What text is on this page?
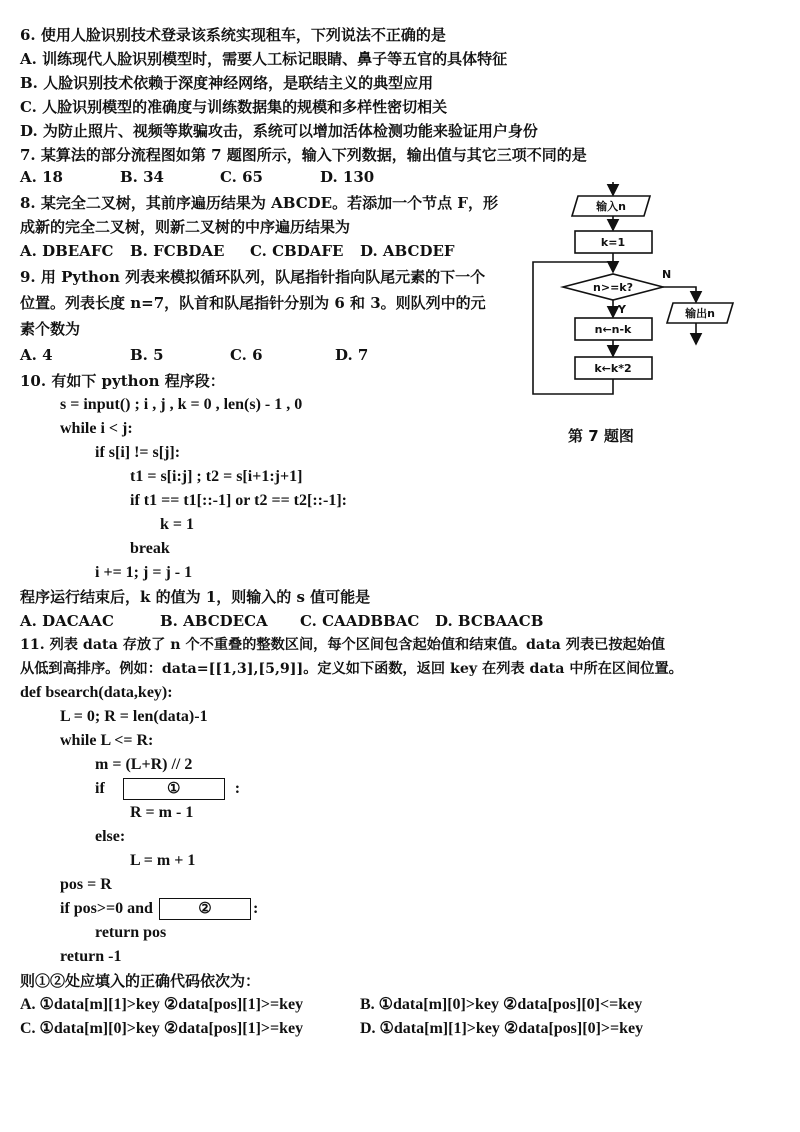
6. 使用人脸识别技术登录该系统实现租车，下列说法不正确的是
A. 训练现代人脸识别模型时，需要人工标记眼睛、鼻子等五官的具体特征
B. 人脸识别技术依赖于深度神经网络，是联结主义的典型应用
C. 人脸识别模型的准确度与训练数据集的规模和多样性密切相关
D. 为防止照片、视频等欺骗攻击，系统可以增加活体检测功能来验证用户身份
7. 某算法的部分流程图如第 7 题图所示，输入下列数据，输出值与其它三项不同的是
A. 18	B. 34	C. 65	D. 130
8. 某完全二叉树，其前序遍历结果为 ABCDE。若添加一个节点 F，形
成新的完全二叉树，则新二叉树的中序遍历结果为
A. DBEAFC B. FCBDAE C. CBDAFE D. ABCDEF
9. 用 Python 列表来模拟循环队列，队尾指针指向队尾元素的下一个
位置。列表长度 n=7，队首和队尾指针分别为 6 和 3。则队列中的元
素个数为
A. 4	B. 5	C. 6	D. 7
10. 有如下 python 程序段：
s = input() ; i , j , k = 0 , len(s) - 1 , 0
while i < j:
if s[i] != s[j]:
t1 = s[i:j] ; t2 = s[i+1:j+1]
if t1 == t1[::-1] or t2 == t2[::-1]:
k = 1
break
i += 1; j = j - 1
程序运行结束后，k 的值为 1，则输入的 s 值可能是
A. DACAAC	B. ABCDECA C. CAADBBAC D. BCBAACB
11. 列表 data 存放了 n 个不重叠的整数区间，每个区间包含起始值和结束值。data 列表已按起始值
从低到高排序。例如：data=[[1,3],[5,9]]。定义如下函数，返回 key 在列表 data 中所在区间位置。
def bsearch(data,key):
L = 0; R = len(data)-1
while L <= R:
m = (L+R) // 2
if	①	:
R = m - 1
else:
L = m + 1
pos = R
if pos>=0 and	②	:
return pos
return -1
则①②处应填入的正确代码依次为：
A. ①data[m][1]>key ②data[pos][1]>=key	B. ①data[m][0]>key ②data[pos][0]<=key
C. ①data[m][0]>key ②data[pos][1]>=key	D. ①data[m][1]>key ②data[pos][0]>=key
输入n
k=1
n>=k?
Y
N
n←n-k
k←k*2
输出n
第 7 题图
